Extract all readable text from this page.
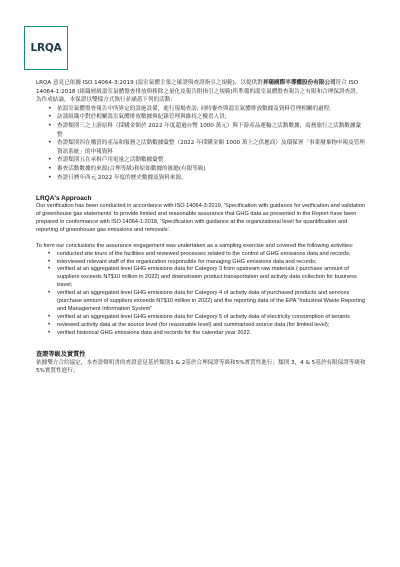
LRQA

LRQA 意見已依據 ISO 14064-3:2019 (溫室氣體主張之確證與查證指引之規範)，以提供對昇陽國際半導體股份有限公司符合 ISO 14064-1:2018 (組織層級溫室氣體盤查排放與移除之量化及報告附指引之規範)所準備的溫室氣體盤查報告之有限和合理保證查證。

為作成結論，本保證以雙樣方式執行並涵蓋下列的活動:

• 依溫室氣體盤查報告中所界定的設施設備，進行現場查訪; 同時審查與溫室氣體排放數據及資料管理相關的過程;
• 訪談組織中對於相關溫室氣體排放數據與紀錄管理與維持之權責人員;
• 查證類別三之上游原料（採購金額於 2022 年度超過台幣 1000 萬元）與下游產品運輸之活動數據，商務旅行之活動數據彙整
• 查證類別四在購買的產品和服務之活動數據彙整（2022 年採購金額 1000 萬上之供應商）及環保署「事業廢棄物申報及管理資訊系統」的申報資料
• 查證類別五在承租戶用電量之活動數據彙整
• 審查活動數據的來源(合理等級)和原始數據的匯總(有限等級)
• 查證日曆年西元 2022 年度的歷史數據及資料來源。

LRQA's Approach

Our verification has been conducted in accordance with ISO 14064-3:2019, ‘Specification with guidance for verification and validation of greenhouse gas statements’ to provide limited and reasonable assurance that GHG data as presented in the Report have been prepared in conformance with ISO 14064-1:2018, ‘Specification with guidance at the organizational level for quantification and reporting of greenhouse gas emissions and removals’.

To form our conclusions the assurance engagement was undertaken as a sampling exercise and covered the following activities:

• conducted site tours of the facilities and reviewed processes related to the control of GHG emissions data and records;
• interviewed relevant staff of the organization responsible for managing GHG emissions data and records;
• verified at an aggregated level GHG emissions data for Category 3 from upstream raw materials ( purchase amount of suppliers exceeds NT$10 million in 2022) and downstream product transportation and activity data collection for business travel;
• verified at an aggregated level GHG emissions data for Category 4 of activity data of purchased products and services (purchase amount of suppliers exceeds NT$10 million in 2022) and the reporting data of the EPA “Industrial Waste Reporting and Management Information System”
• verified at an aggregated level GHG emissions data for Category 5 of activity data of electricity consumption of tenants
• reviewed activity data at the source level (for reasonable level) and summarised source data (for limited level);
• verified historical GHG emissions data and records for the calendar year 2022.

查證等級及實質性

依據雙方合約協定，本查證聲明書的查證意見基於類別1 & 2基於合理保證等級和5%實質性進行；類別 3，4 & 5基於有限保證等級和5%實質性進行；
